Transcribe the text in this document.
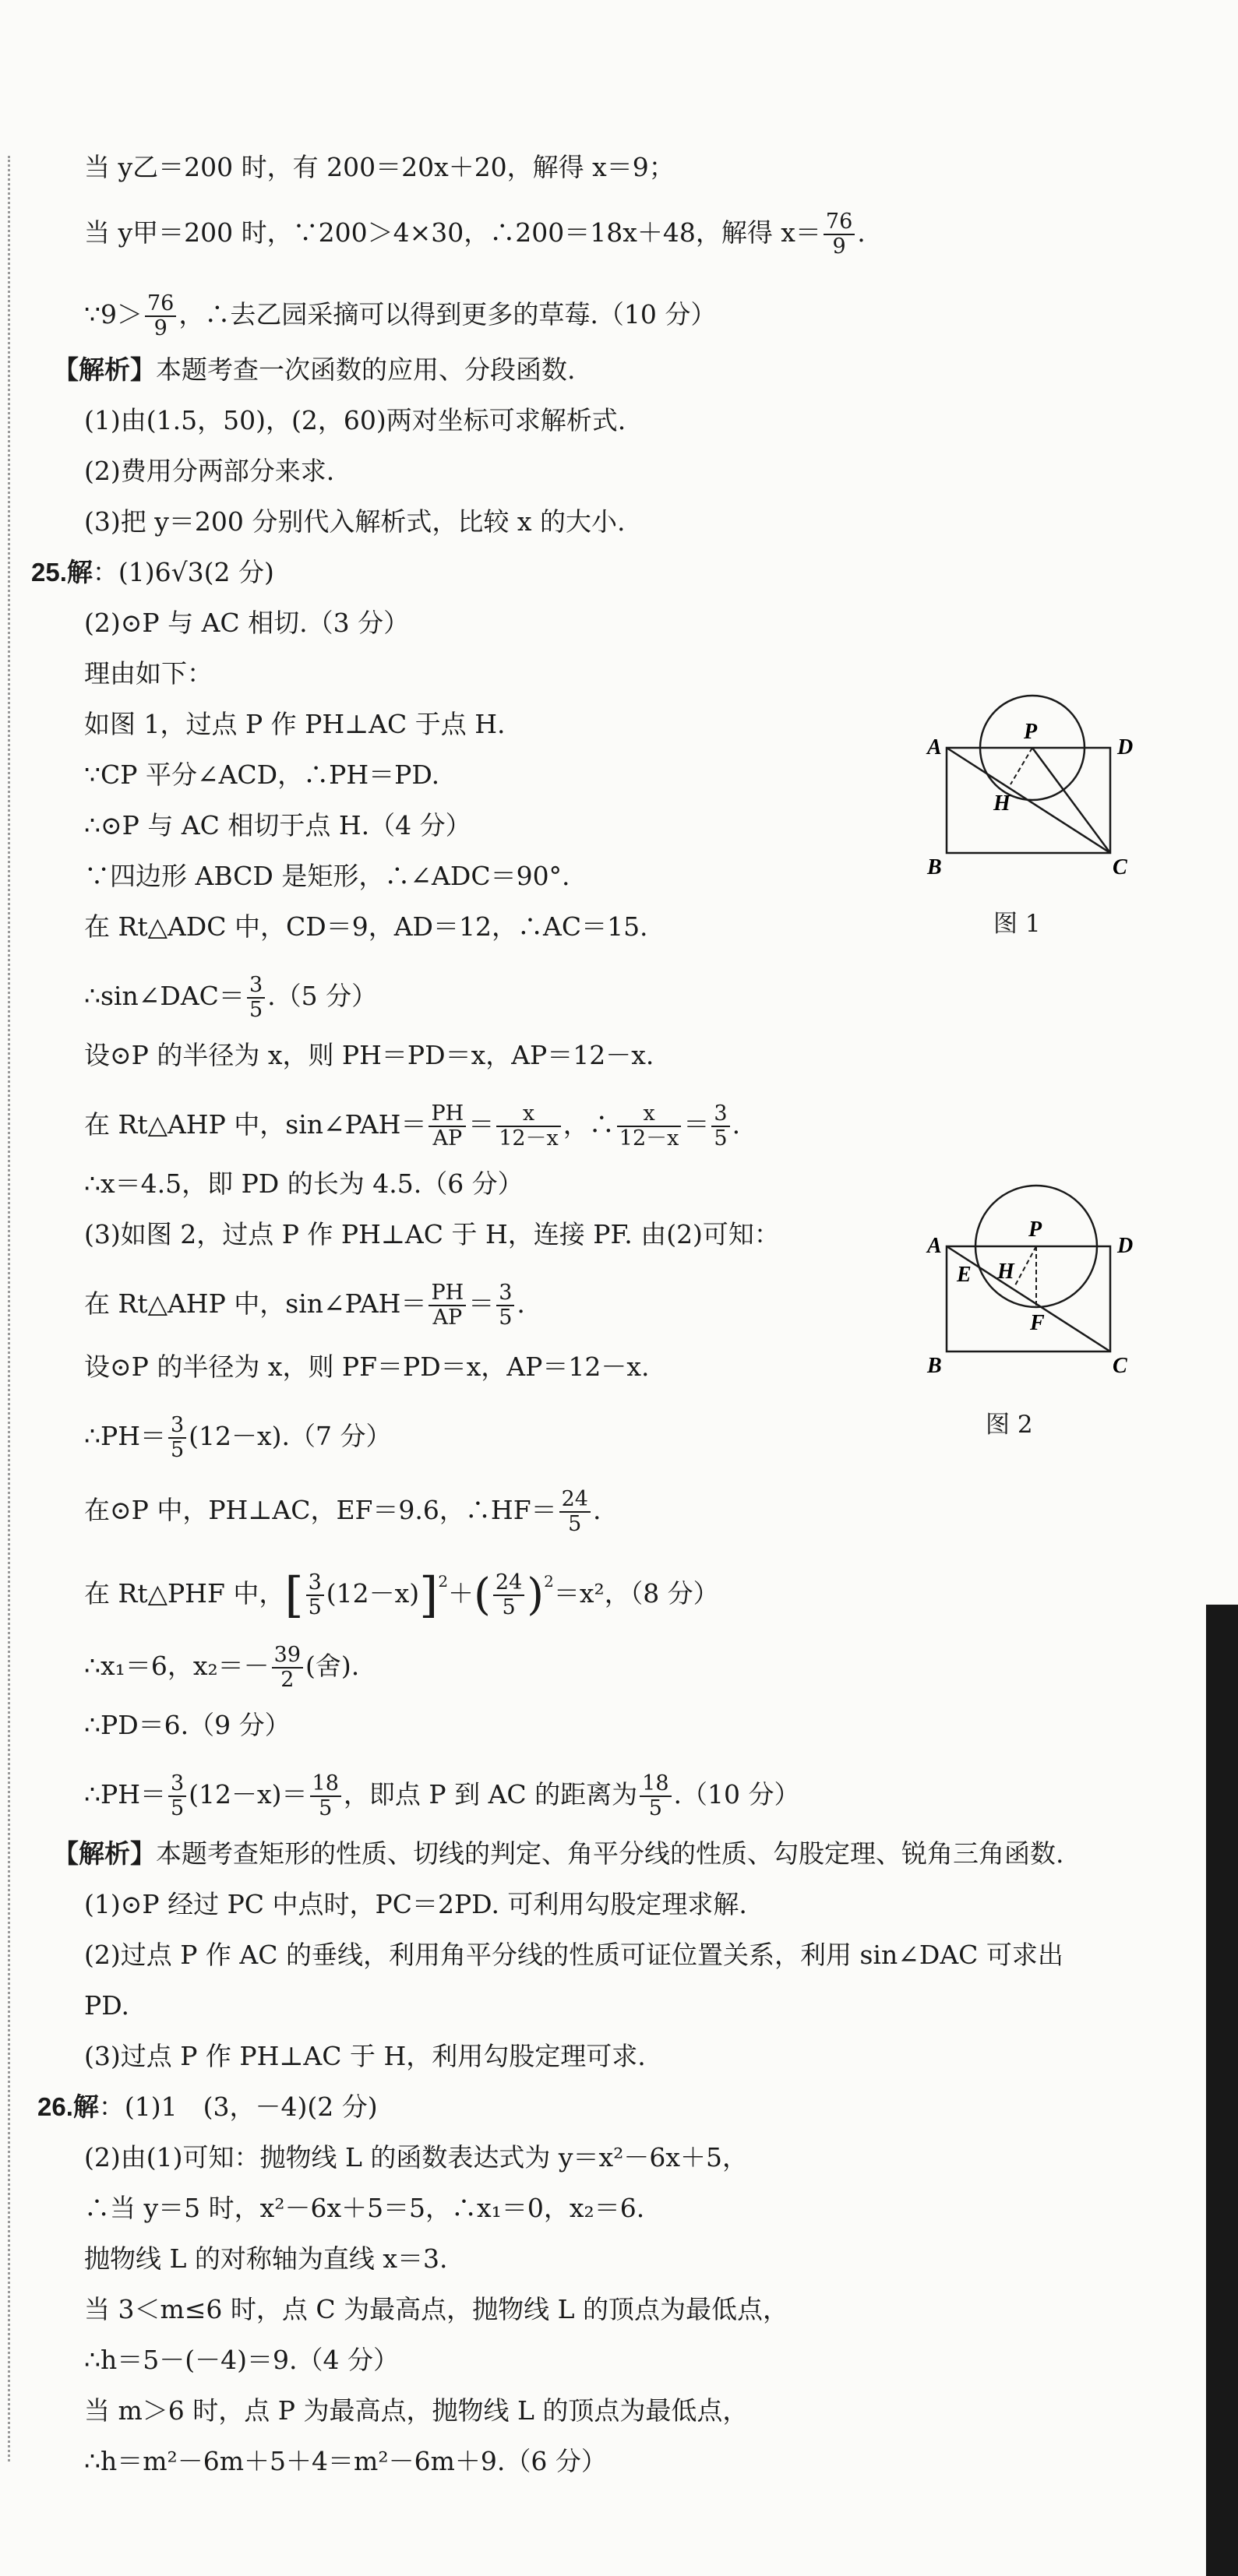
当 y乙＝200 时，有 200＝20x＋20，解得 x＝9；
当 y甲＝200 时，∵200＞4×30，∴200＝18x＋48，解得 $x= \frac{76}{9}$ .
∵9＞ $\frac{76}{9}$ ，∴去乙园采摘可以得到更多的草莓.（10 分）
【解析】本题考查一次函数的应用、分段函数.
(1)由(1.5，50)，(2，60)两对坐标可求解析式.
(2)费用分两部分来求.
(3)把 y＝200 分别代入解析式，比较 x 的大小.
25.解：(1)6√3(2 分)
(2)⊙P 与 AC 相切.（3 分）
理由如下：
如图 1，过点 P 作 PH⊥AC 于点 H.
∵CP 平分∠ACD，∴PH＝PD.
∴⊙P 与 AC 相切于点 H.（4 分）
∵四边形 ABCD 是矩形，∴∠ADC＝90°.
在 Rt△ADC 中，CD＝9，AD＝12，∴AC＝15.
∴sin∠DAC＝ $\frac{3}{5} .(5$ 分）
设⊙P 的半径为 x，则 PH＝PD＝x，AP＝12－x.
在 Rt△AHP 中，sin∠PAH＝ $\frac{PH}{AP} = \frac{x}{12-x}$ ，∴ $\frac{x}{12-x} = \frac{3}{5}$ .
∴x＝4.5，即 PD 的长为 4.5.（6 分）
(3)如图 2，过点 P 作 PH⊥AC 于 H，连接 PF. 由(2)可知：
在 Rt△AHP 中，sin∠PAH＝ $\frac{PH}{AP} = \frac{3}{5}$ .
设⊙P 的半径为 x，则 PF＝PD＝x，AP＝12－x.
∴PH＝ $\frac{3}{5} (12-x).(7$ 分）
在⊙P 中，PH⊥AC，EF＝9.6，∴HF＝ $\frac{24}{5}$ .
在 Rt△PHF 中，[ $\frac{3}{5} (12-x)]^2+( \frac{24}{5} )^2=x^2$，（8 分）
∴x₁＝6，$x_2=- \frac{39}{2}$ (舍).
∴PD＝6.（9 分）
∴PH＝ $\frac{3}{5} (12-x)= \frac{18}{5}$ ，即点 P 到 AC 的距离为 $\frac{18}{5} .(10$ 分）
【解析】本题考查矩形的性质、切线的判定、角平分线的性质、勾股定理、锐角三角函数.
(1)⊙P 经过 PC 中点时，PC＝2PD. 可利用勾股定理求解.
(2)过点 P 作 AC 的垂线，利用角平分线的性质可证位置关系，利用 sin∠DAC 可求出
PD.
(3)过点 P 作 PH⊥AC 于 H，利用勾股定理可求.
26.解：(1)1　(3，－4)(2 分)
(2)由(1)可知：抛物线 L 的函数表达式为 y＝x²－6x＋5，
∴当 y＝5 时，x²－6x＋5＝5，∴x₁＝0，x₂＝6.
抛物线 L 的对称轴为直线 x＝3.
当 3＜m≤6 时，点 C 为最高点，抛物线 L 的顶点为最低点，
∴h＝5－(－4)＝9.（4 分）
当 m＞6 时，点 P 为最高点，抛物线 L 的顶点为最低点，
∴h＝m²－6m＋5＋4＝m²－6m＋9.（6 分）
A	D
B	C
P
H
图 1
A	D
B	C
P
H
E
F
图 2
